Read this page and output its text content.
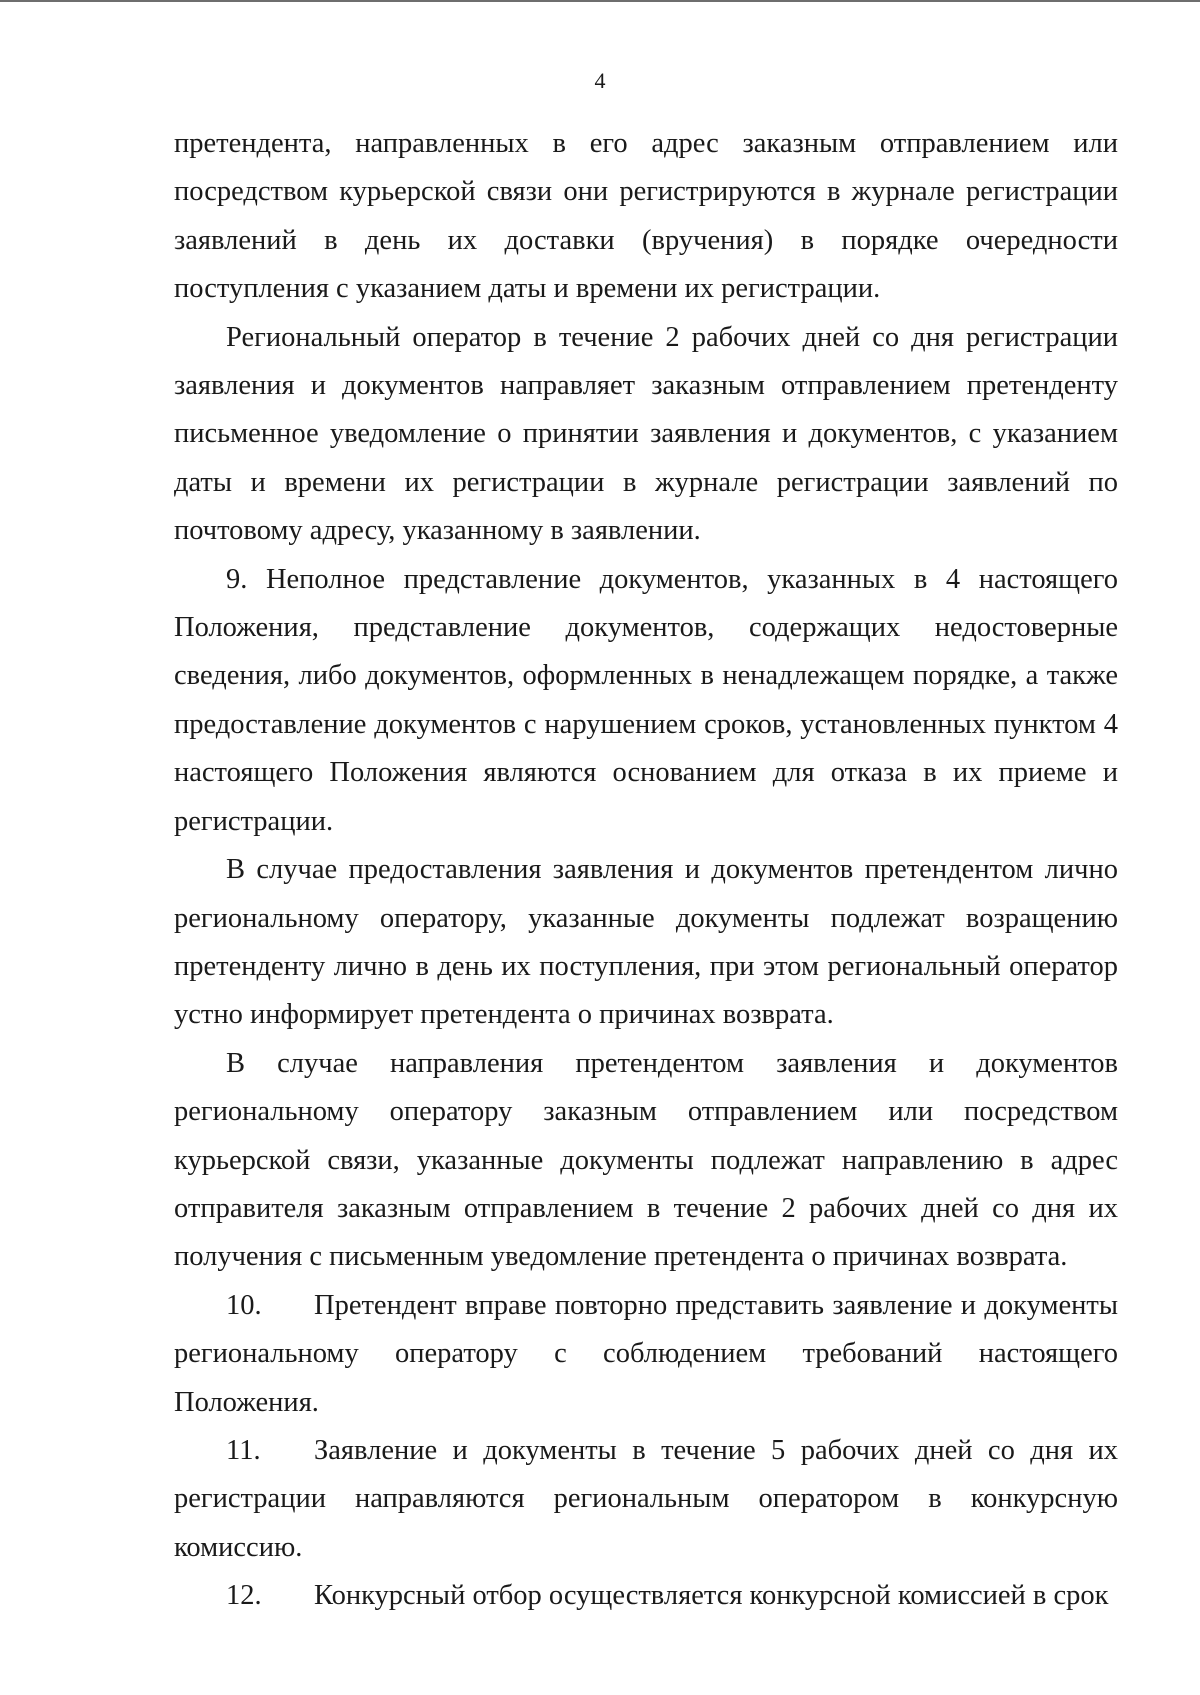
4

претендента, направленных в его адрес заказным отправлением или посредством курьерской связи они регистрируются в журнале регистрации заявлений в день их доставки (вручения) в порядке очередности поступления с указанием даты и времени их регистрации.

Региональный оператор в течение 2 рабочих дней со дня регистрации заявления и документов направляет заказным отправлением претенденту письменное уведомление о принятии заявления и документов, с указанием даты и времени их регистрации в журнале регистрации заявлений по почтовому адресу, указанному в заявлении.

9. Неполное представление документов, указанных в 4 настоящего Положения, представление документов, содержащих недостоверные сведения, либо документов, оформленных в ненадлежащем порядке, а также предоставление документов с нарушением сроков, установленных пунктом 4 настоящего Положения являются основанием для отказа в их приеме и регистрации.

В случае предоставления заявления и документов претендентом лично региональному оператору, указанные документы подлежат возращению претенденту лично в день их поступления, при этом региональный оператор устно информирует претендента о причинах возврата.

В случае направления претендентом заявления и документов региональному оператору заказным отправлением или посредством курьерской связи, указанные документы подлежат направлению в адрес отправителя заказным отправлением в течение 2 рабочих дней со дня их получения с письменным уведомление претендента о причинах возврата.

10. Претендент вправе повторно представить заявление и документы региональному оператору с соблюдением требований настоящего Положения.

11. Заявление и документы в течение 5 рабочих дней со дня их регистрации направляются региональным оператором в конкурсную комиссию.

12. Конкурсный отбор осуществляется конкурсной комиссией в срок
